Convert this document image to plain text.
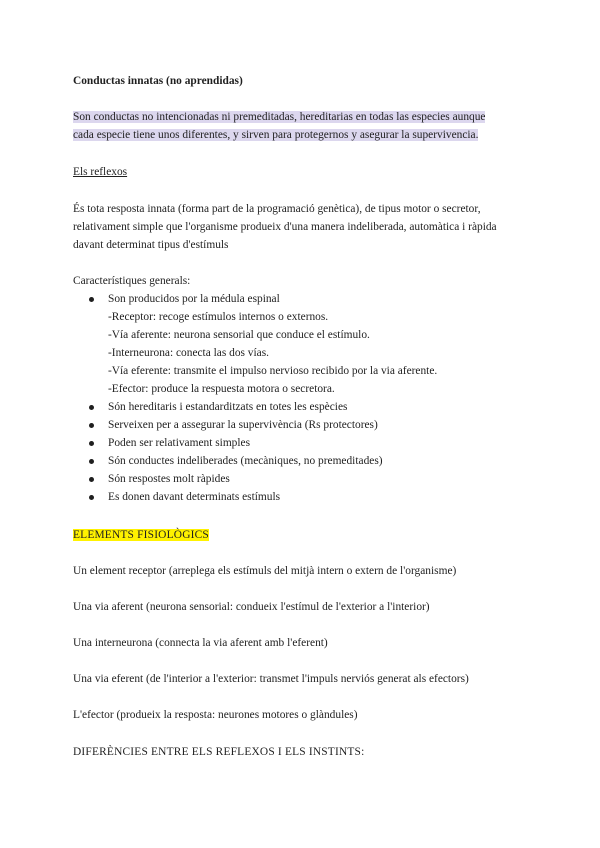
Conductas innatas (no aprendidas)
Son conductas no intencionadas ni premeditadas, hereditarias en todas las especies aunque
cada especie tiene unos diferentes, y sirven para protegernos y asegurar la supervivencia.
Els reflexos
És tota resposta innata (forma part de la programació genètica), de tipus motor o secretor,
relativament simple que l'organisme produeix d'una manera indeliberada, automàtica i ràpida
davant determinat tipus d'estímuls
Característiques generals:
Son producidos por la médula espinal
-Receptor: recoge estímulos internos o externos.
-Vía aferente: neurona sensorial que conduce el estímulo.
-Interneurona: conecta las dos vías.
-Vía eferente: transmite el impulso nervioso recibido por la via aferente.
-Efector: produce la respuesta motora o secretora.
Són hereditaris i estandarditzats en totes les espècies
Serveixen per a assegurar la supervivència (Rs protectores)
Poden ser relativament simples
Són conductes indeliberades (mecàniques, no premeditades)
Són respostes molt ràpides
Es donen davant determinats estímuls
ELEMENTS FISIOLÒGICS
Un element receptor (arreplega els estímuls del mitjà intern o extern de l'organisme)
Una via aferent (neurona sensorial: condueix l'estímul de l'exterior a l'interior)
Una interneurona (connecta la via aferent amb l'eferent)
Una via eferent (de l'interior a l'exterior: transmet l'impuls nerviós generat als efectors)
L'efector (produeix la resposta: neurones motores o glàndules)
DIFERÈNCIES ENTRE ELS REFLEXOS I ELS INSTINTS:
